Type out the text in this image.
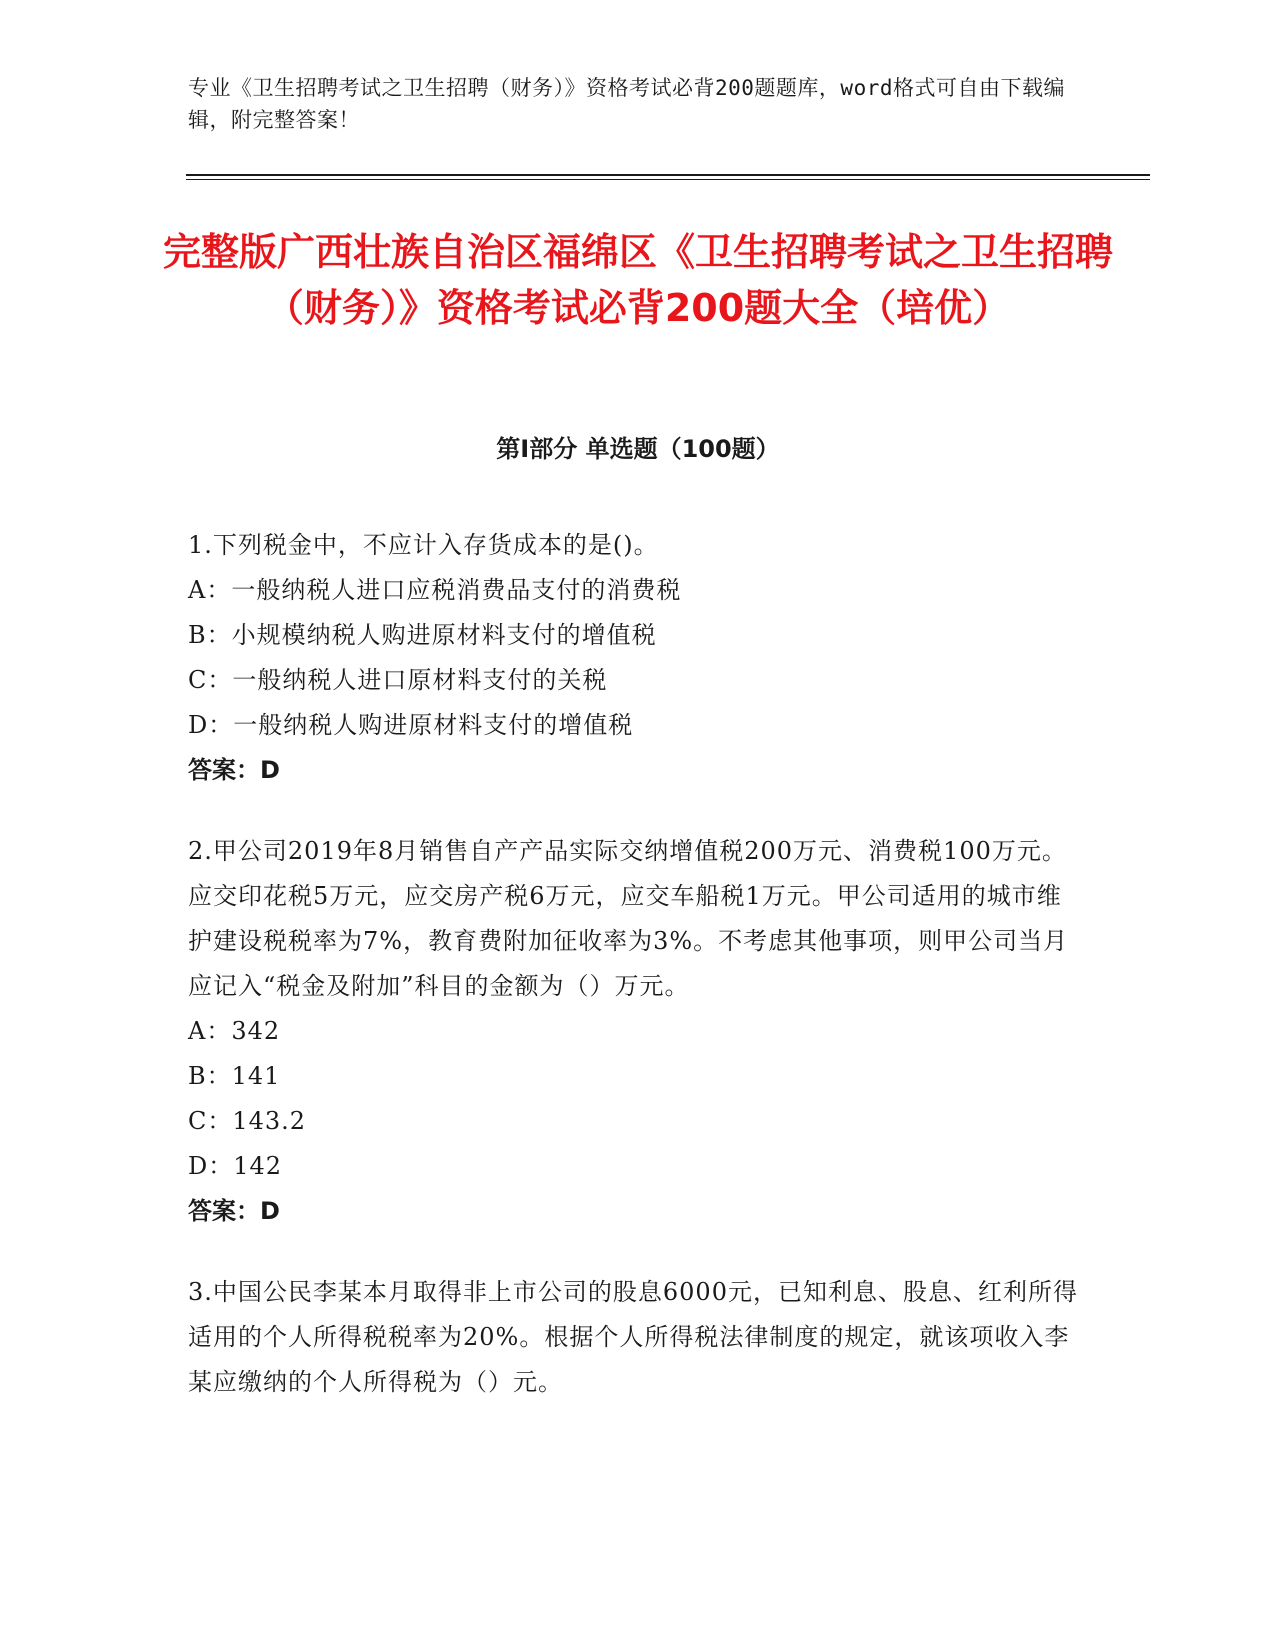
专业《卫生招聘考试之卫生招聘（财务）》资格考试必背200题题库，word格式可自由下载编辑，附完整答案！
完整版广西壮族自治区福绵区《卫生招聘考试之卫生招聘（财务）》资格考试必背200题大全（培优）
第I部分 单选题（100题）

1.下列税金中，不应计入存货成本的是()。

A：一般纳税人进口应税消费品支付的消费税

B：小规模纳税人购进原材料支付的增值税

C：一般纳税人进口原材料支付的关税

D：一般纳税人购进原材料支付的增值税

答案：D

2.甲公司2019年8月销售自产产品实际交纳增值税200万元、消费税100万元。应交印花税5万元，应交房产税6万元，应交车船税1万元。甲公司适用的城市维护建设税税率为7%，教育费附加征收率为3%。不考虑其他事项，则甲公司当月应记入“税金及附加”科目的金额为（）万元。

A：342

B：141

C：143.2

D：142

答案：D

3.中国公民李某本月取得非上市公司的股息6000元，已知利息、股息、红利所得适用的个人所得税税率为20%。根据个人所得税法律制度的规定，就该项收入李某应缴纳的个人所得税为（）元。
